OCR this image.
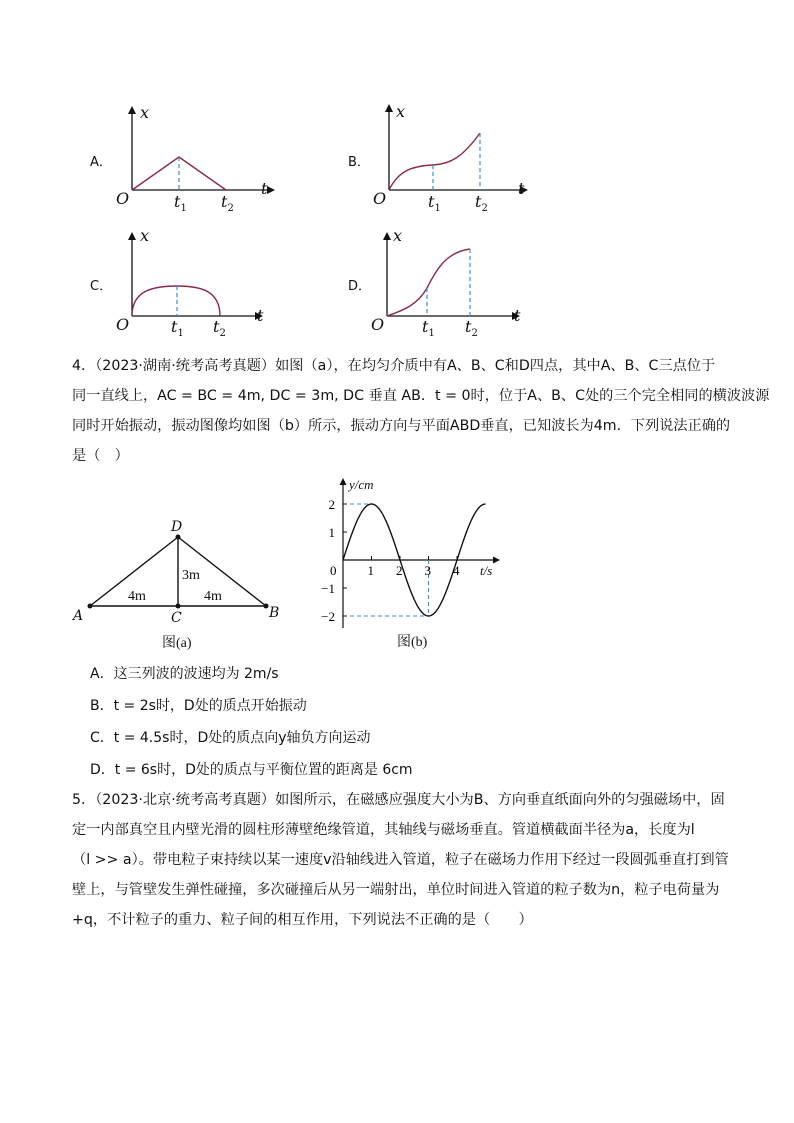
A．
x
t
O	$t_1$ $t_2$
B．
x
t
O	$t_1$ $t_2$
C．
x
t
O	$t_1$ $t_2$
D．
x
t
O $t_1$ $t_2$
4．（2023·湖南·统考高考真题）如图（a），在均匀介质中有A、B、C和D四点，其中A、B、C三点位于
同一直线上，AC = BC = 4m, DC = 3m, DC 垂直 AB．t = 0时，位于A、B、C处的三个完全相同的横波波源
同时开始振动，振动图像均如图（b）所示，振动方向与平面ABD垂直，已知波长为4m．下列说法正确的
是（　）
D
A	B
C
4m	4m
3m
图(a)
1 2 3 4
2
1
0
−1
−2
y/cm
t/s
图(b)
A．这三列波的波速均为 2m/s
B．t = 2s时，D处的质点开始振动
C．t = 4.5s时，D处的质点向y轴负方向运动
D．t = 6s时，D处的质点与平衡位置的距离是 6cm
5．（2023·北京·统考高考真题）如图所示，在磁感应强度大小为B、方向垂直纸面向外的匀强磁场中，固
定一内部真空且内壁光滑的圆柱形薄壁绝缘管道，其轴线与磁场垂直。管道横截面半径为a，长度为l
（l >> a）。带电粒子束持续以某一速度v沿轴线进入管道，粒子在磁场力作用下经过一段圆弧垂直打到管
壁上，与管壁发生弹性碰撞，多次碰撞后从另一端射出，单位时间进入管道的粒子数为n，粒子电荷量为
+q，不计粒子的重力、粒子间的相互作用，下列说法不正确的是（　　）
